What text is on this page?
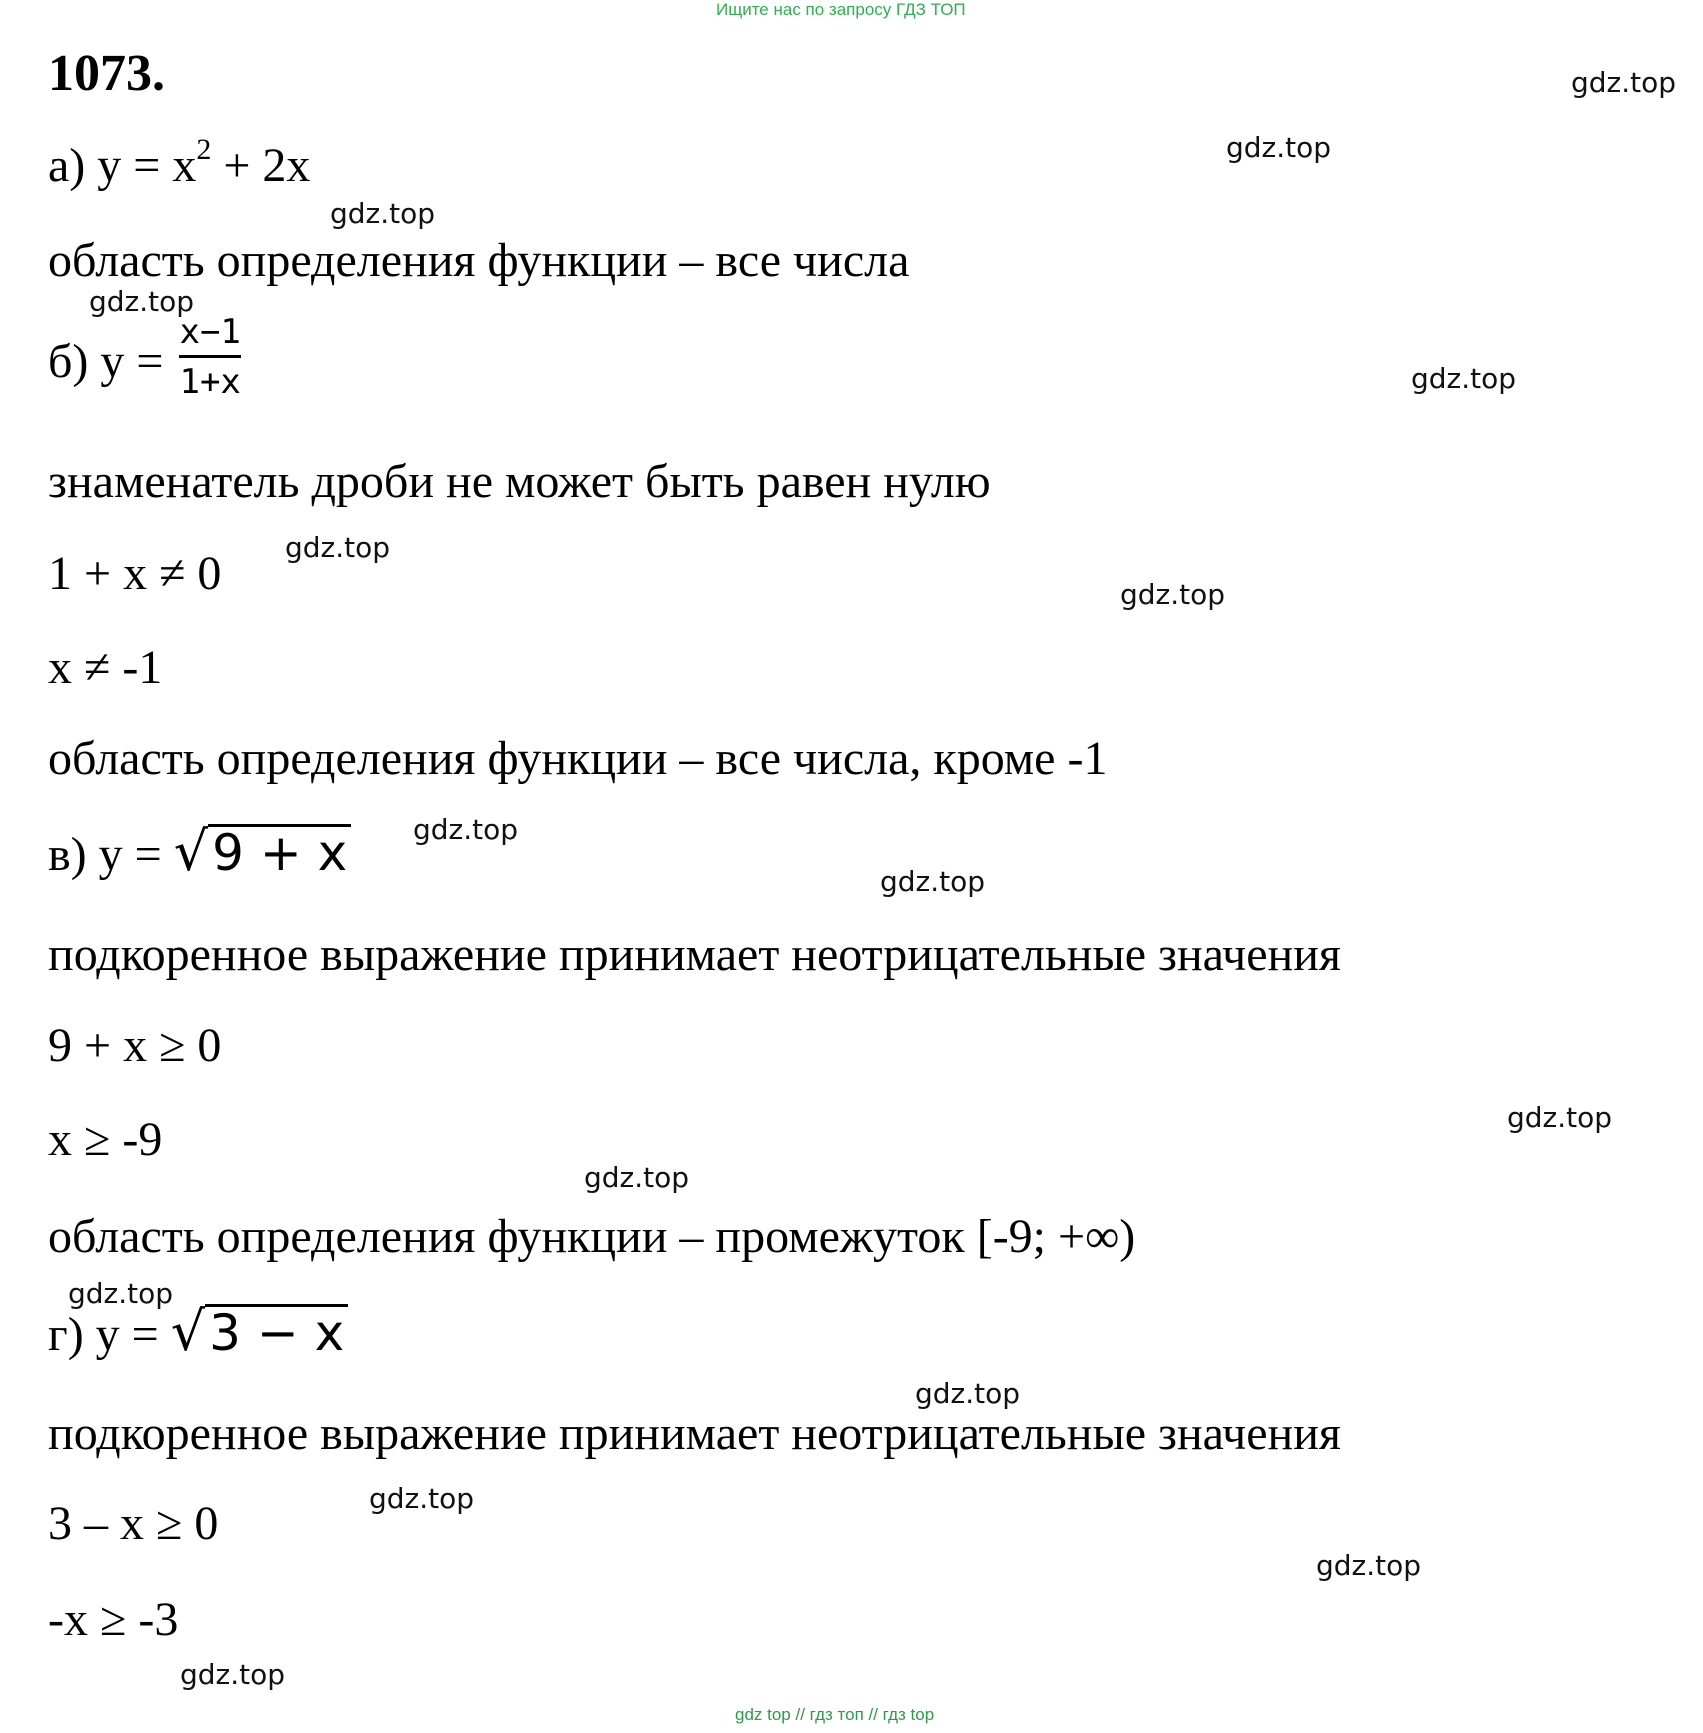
Ищите нас по запросу ГДЗ ТОП
1073.
а) $у = х^2 + 2х$
область определения функции – все числа
б) $у = \frac{x-1}{1+x}$
знаменатель дроби не может быть равен нулю
1 + х ≠ 0
х ≠ -1
область определения функции – все числа, кроме -1
в) у = √9 + x
подкоренное выражение принимает неотрицательные значения
9 + х ≥ 0
х ≥ -9
область определения функции – промежуток [-9; +∞)
г) у = √3 − x
подкоренное выражение принимает неотрицательные значения
3 – х ≥ 0
-х ≥ -3
gdz.top
gdz.top
gdz.top
gdz.top
gdz.top
gdz.top
gdz.top
gdz.top
gdz.top
gdz.top
gdz.top
gdz.top
gdz.top
gdz.top
gdz.top
gdz.top
gdz top // гдз топ // гдз top
